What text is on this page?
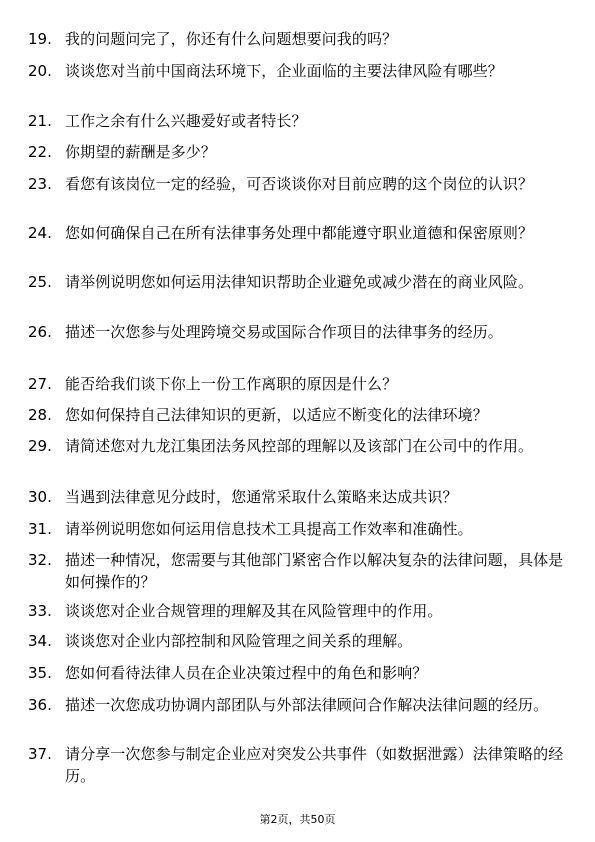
19. 我的问题问完了，你还有什么问题想要问我的吗？
20. 谈谈您对当前中国商法环境下，企业面临的主要法律风险有哪些？
21. 工作之余有什么兴趣爱好或者特长？
22. 你期望的薪酬是多少？
23. 看您有该岗位一定的经验，可否谈谈你对目前应聘的这个岗位的认识？
24. 您如何确保自己在所有法律事务处理中都能遵守职业道德和保密原则？
25. 请举例说明您如何运用法律知识帮助企业避免或减少潜在的商业风险。
26. 描述一次您参与处理跨境交易或国际合作项目的法律事务的经历。
27. 能否给我们谈下你上一份工作离职的原因是什么？
28. 您如何保持自己法律知识的更新，以适应不断变化的法律环境？
29. 请简述您对九龙江集团法务风控部的理解以及该部门在公司中的作用。
30. 当遇到法律意见分歧时，您通常采取什么策略来达成共识？
31. 请举例说明您如何运用信息技术工具提高工作效率和准确性。
32. 描述一种情况，您需要与其他部门紧密合作以解决复杂的法律问题，具体是如何操作的？
33. 谈谈您对企业合规管理的理解及其在风险管理中的作用。
34. 谈谈您对企业内部控制和风险管理之间关系的理解。
35. 您如何看待法律人员在企业决策过程中的角色和影响？
36. 描述一次您成功协调内部团队与外部法律顾问合作解决法律问题的经历。
37. 请分享一次您参与制定企业应对突发公共事件（如数据泄露）法律策略的经历。
第2页，共50页
